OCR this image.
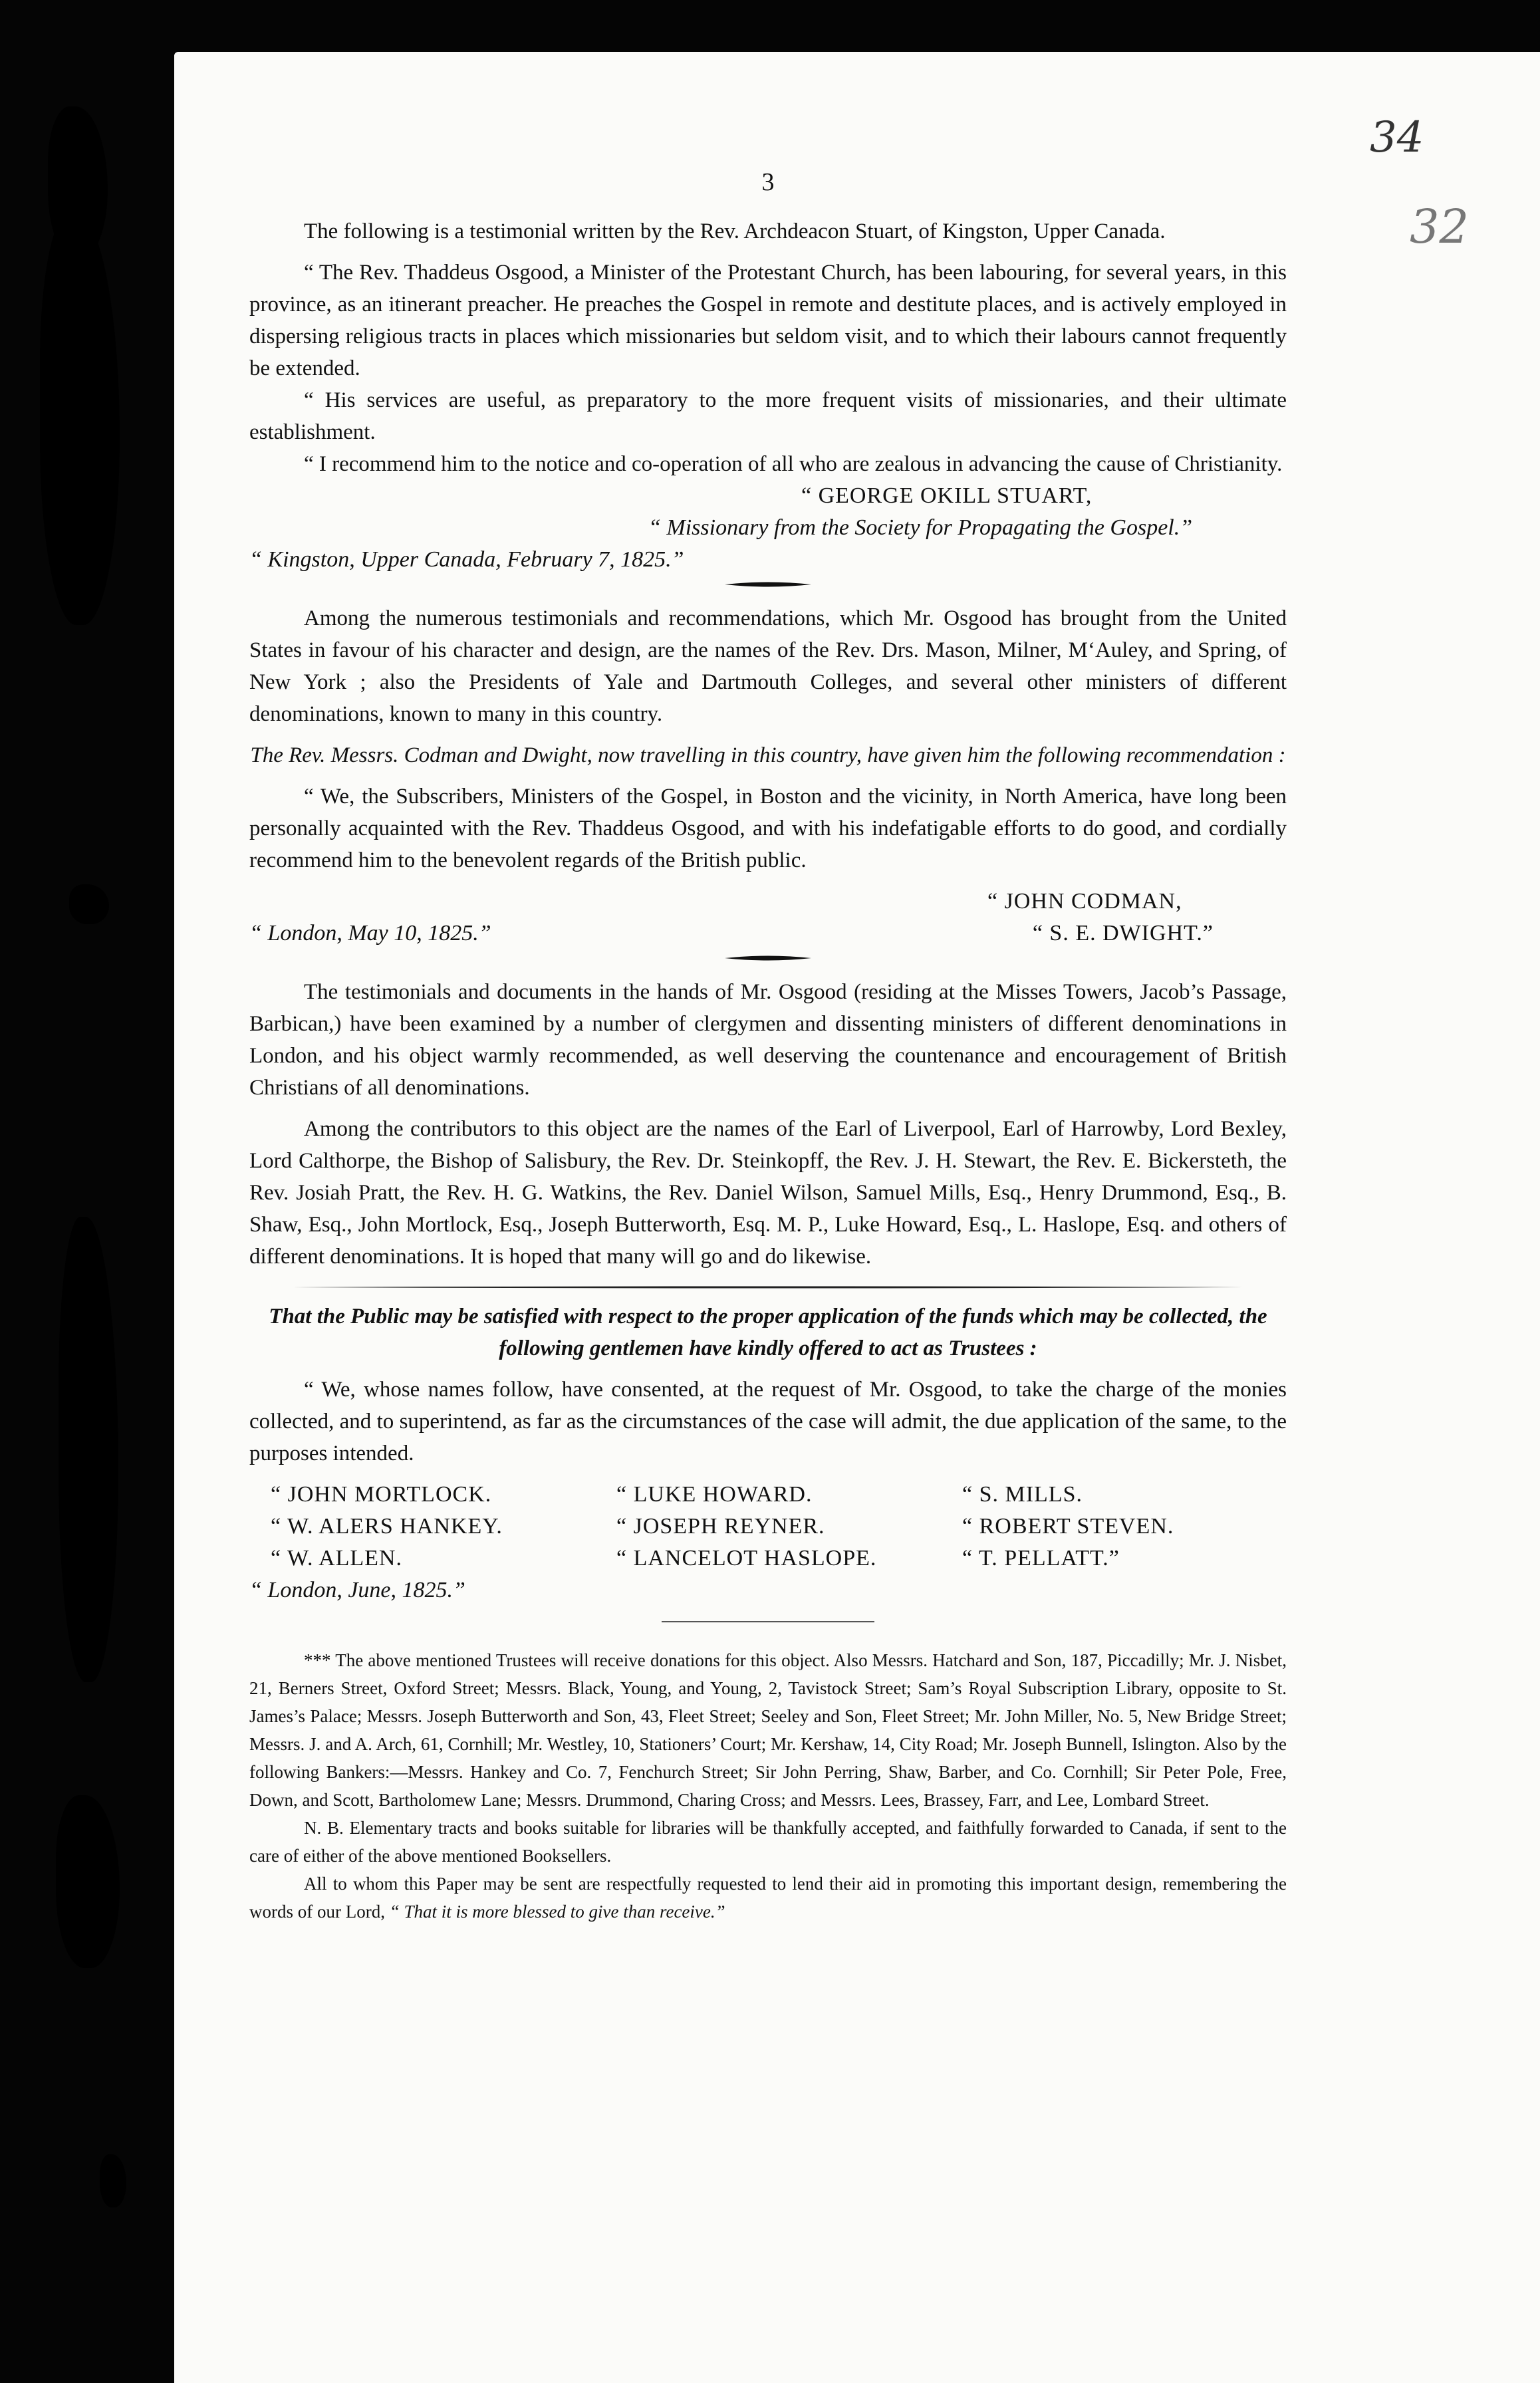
34
32
3

The following is a testimonial written by the Rev. Archdeacon Stuart, of Kingston, Upper Canada.

“ The Rev. Thaddeus Osgood, a Minister of the Protestant Church, has been labouring, for several years, in this province, as an itinerant preacher. He preaches the Gospel in remote and destitute places, and is actively employed in dispersing religious tracts in places which missionaries but seldom visit, and to which their labours cannot frequently be extended.

“ His services are useful, as preparatory to the more frequent visits of missionaries, and their ultimate establishment.

“ I recommend him to the notice and co-operation of all who are zealous in advancing the cause of Christianity.

“ GEORGE OKILL STUART,
“ Missionary from the Society for Propagating the Gospel.”
“ Kingston, Upper Canada, February 7, 1825.”

Among the numerous testimonials and recommendations, which Mr. Osgood has brought from the United States in favour of his character and design, are the names of the Rev. Drs. Mason, Milner, M‘Auley, and Spring, of New York ; also the Presidents of Yale and Dartmouth Colleges, and several other ministers of different denominations, known to many in this country.

The Rev. Messrs. Codman and Dwight, now travelling in this country, have given him the following recommendation :

“ We, the Subscribers, Ministers of the Gospel, in Boston and the vicinity, in North America, have long been personally acquainted with the Rev. Thaddeus Osgood, and with his indefatigable efforts to do good, and cordially recommend him to the benevolent regards of the British public.

“ JOHN CODMAN,
“ London, May 10, 1825.”	“ S. E. DWIGHT.”

The testimonials and documents in the hands of Mr. Osgood (residing at the Misses Towers, Jacob’s Passage, Barbican,) have been examined by a number of clergymen and dissenting ministers of different denominations in London, and his object warmly recommended, as well deserving the countenance and encouragement of British Christians of all denominations.

Among the contributors to this object are the names of the Earl of Liverpool, Earl of Harrowby, Lord Bexley, Lord Calthorpe, the Bishop of Salisbury, the Rev. Dr. Steinkopff, the Rev. J. H. Stewart, the Rev. E. Bickersteth, the Rev. Josiah Pratt, the Rev. H. G. Watkins, the Rev. Daniel Wilson, Samuel Mills, Esq., Henry Drummond, Esq., B. Shaw, Esq., John Mortlock, Esq., Joseph Butterworth, Esq. M. P., Luke Howard, Esq., L. Haslope, Esq. and others of different denominations. It is hoped that many will go and do likewise.

That the Public may be satisfied with respect to the proper application of the funds which may be collected, the following gentlemen have kindly offered to act as Trustees :

“ We, whose names follow, have consented, at the request of Mr. Osgood, to take the charge of the monies collected, and to superintend, as far as the circumstances of the case will admit, the due application of the same, to the purposes intended.

“ JOHN MORTLOCK.	“ LUKE HOWARD.	“ S. MILLS.
“ W. ALERS HANKEY.	“ JOSEPH REYNER.	“ ROBERT STEVEN.
“ W. ALLEN.	“ LANCELOT HASLOPE.	“ T. PELLATT.”
“ London, June, 1825.”

*** The above mentioned Trustees will receive donations for this object. Also Messrs. Hatchard and Son, 187, Piccadilly; Mr. J. Nisbet, 21, Berners Street, Oxford Street; Messrs. Black, Young, and Young, 2, Tavistock Street; Sam’s Royal Subscription Library, opposite to St. James’s Palace; Messrs. Joseph Butterworth and Son, 43, Fleet Street; Seeley and Son, Fleet Street; Mr. John Miller, No. 5, New Bridge Street; Messrs. J. and A. Arch, 61, Cornhill; Mr. Westley, 10, Stationers’ Court; Mr. Kershaw, 14, City Road; Mr. Joseph Bunnell, Islington. Also by the following Bankers:—Messrs. Hankey and Co. 7, Fenchurch Street; Sir John Perring, Shaw, Barber, and Co. Cornhill; Sir Peter Pole, Free, Down, and Scott, Bartholomew Lane; Messrs. Drummond, Charing Cross; and Messrs. Lees, Brassey, Farr, and Lee, Lombard Street.

N. B. Elementary tracts and books suitable for libraries will be thankfully accepted, and faithfully forwarded to Canada, if sent to the care of either of the above mentioned Booksellers.

All to whom this Paper may be sent are respectfully requested to lend their aid in promoting this important design, remembering the words of our Lord, “ That it is more blessed to give than receive.”
